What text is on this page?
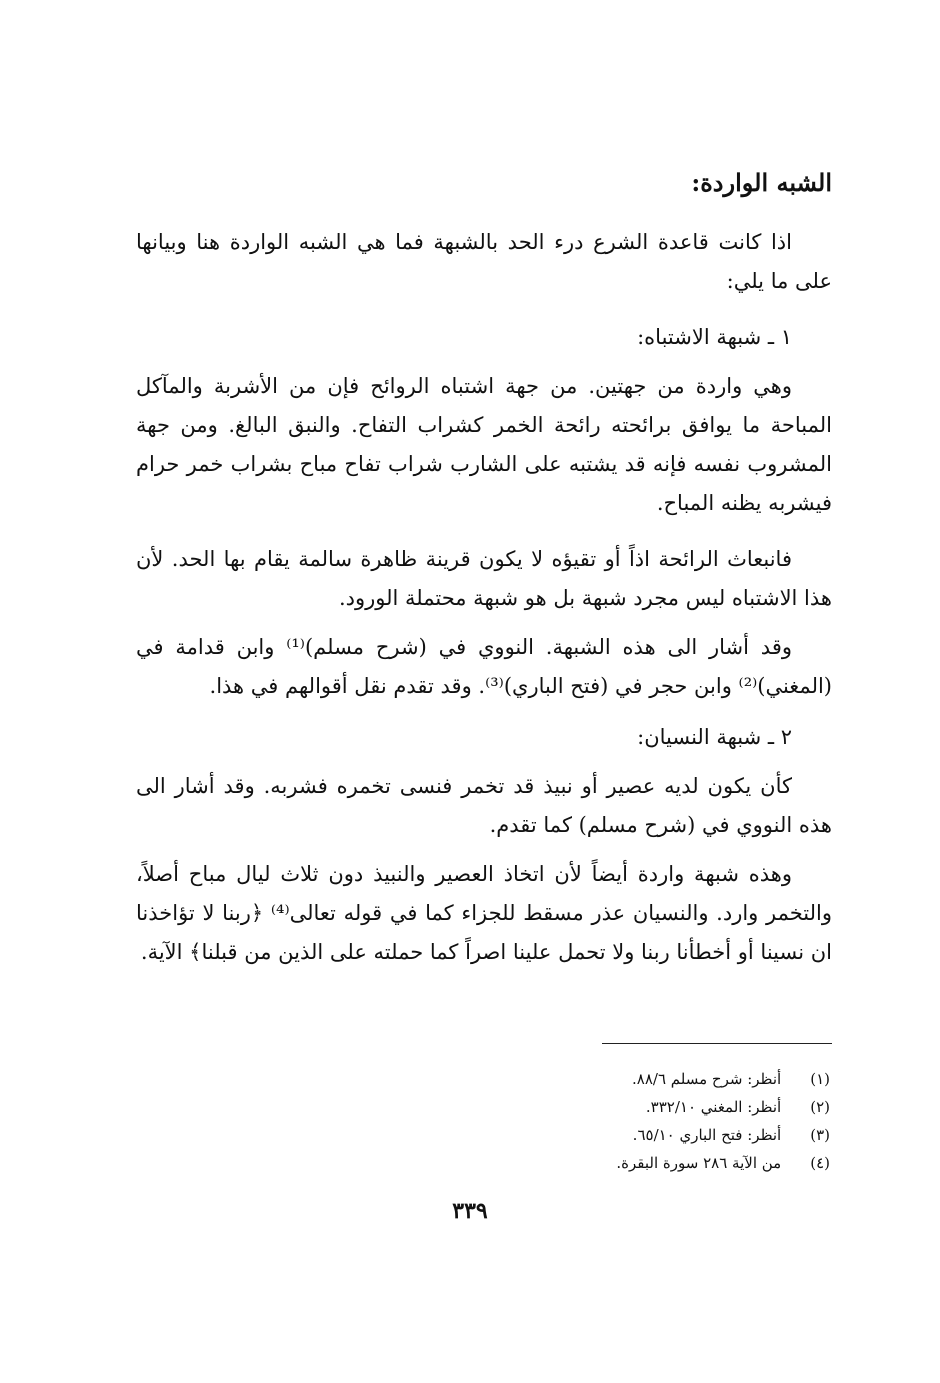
الشبه الواردة:
اذا كانت قاعدة الشرع درء الحد بالشبهة فما هي الشبه الواردة هنا وبيانها على ما يلي:
١ ـ شبهة الاشتباه:
وهي واردة من جهتين. من جهة اشتباه الروائح فإن من الأشربة والمآكل المباحة ما يوافق برائحته رائحة الخمر كشراب التفاح. والنبق البالغ. ومن جهة المشروب نفسه فإنه قد يشتبه على الشارب شراب تفاح مباح بشراب خمر حرام فيشربه يظنه المباح.
فانبعاث الرائحة اذاً أو تقيؤه لا يكون قرينة ظاهرة سالمة يقام بها الحد. لأن هذا الاشتباه ليس مجرد شبهة بل هو شبهة محتملة الورود.
وقد أشار الى هذه الشبهة. النووي في (شرح مسلم)⁽¹⁾ وابن قدامة في (المغني)⁽²⁾ وابن حجر في (فتح الباري)⁽³⁾. وقد تقدم نقل أقوالهم في هذا.
٢ ـ شبهة النسيان:
كأن يكون لديه عصير أو نبيذ قد تخمر فنسى تخمره فشربه. وقد أشار الى هذه النووي في (شرح مسلم) كما تقدم.
وهذه شبهة واردة أيضاً لأن اتخاذ العصير والنبيذ دون ثلاث ليال مباح أصلاً، والتخمر وارد. والنسيان عذر مسقط للجزاء كما في قوله تعالى⁽⁴⁾ ﴿ربنا لا تؤاخذنا ان نسينا أو أخطأنا ربنا ولا تحمل علينا اصراً كما حملته على الذين من قبلنا﴾ الآية.
(١) أنظر: شرح مسلم ٨٨/٦.
(٢) أنظر: المغني ٣٣٢/١٠.
(٣) أنظر: فتح الباري ٦٥/١٠.
(٤) من الآية ٢٨٦ سورة البقرة.
٣٣٩
